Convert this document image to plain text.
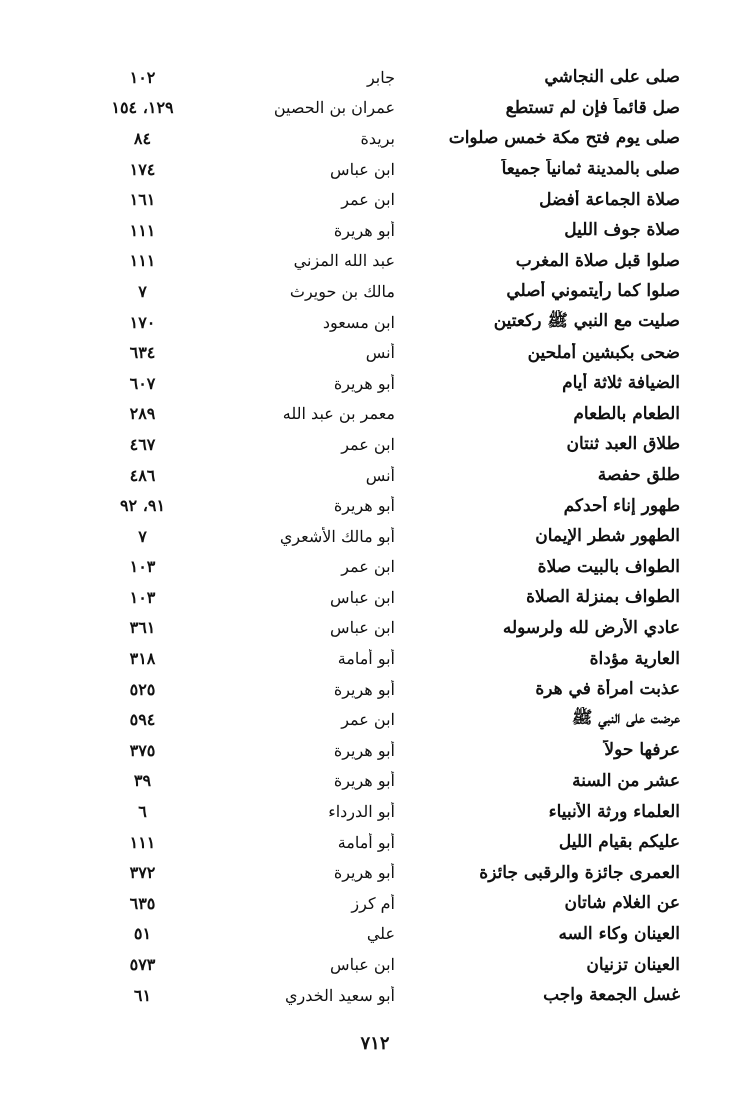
صلى على النجاشي
جابر
١٠٢
صل قائماً فإن لم تستطع
عمران بن الحصين
١٢٩، ١٥٤
صلى يوم فتح مكة خمس صلوات
بريدة
٨٤
صلى بالمدينة ثمانياً جميعاً
ابن عباس
١٧٤
صلاة الجماعة أفضل
ابن عمر
١٦١
صلاة جوف الليل
أبو هريرة
١١١
صلوا قبل صلاة المغرب
عبد الله المزني
١١١
صلوا كما رأيتموني أصلي
مالك بن حويرث
٧
صليت مع النبي ﷺ ركعتين
ابن مسعود
١٧٠
ضحى بكبشين أملحين
أنس
٦٣٤
الضيافة ثلاثة أيام
أبو هريرة
٦٠٧
الطعام بالطعام
معمر بن عبد الله
٢٨٩
طلاق العبد ثنتان
ابن عمر
٤٦٧
طلق حفصة
أنس
٤٨٦
طهور إناء أحدكم
أبو هريرة
٩١، ٩٢
الطهور شطر الإيمان
أبو مالك الأشعري
٧
الطواف بالبيت صلاة
ابن عمر
١٠٣
الطواف بمنزلة الصلاة
ابن عباس
١٠٣
عادي الأرض لله ولرسوله
ابن عباس
٣٦١
العارية مؤداة
أبو أمامة
٣١٨
عذبت امرأة في هرة
أبو هريرة
٥٢٥
عرضت على النبي ﷺ
ابن عمر
٥٩٤
عرفها حولاً
أبو هريرة
٣٧٥
عشر من السنة
أبو هريرة
٣٩
العلماء ورثة الأنبياء
أبو الدرداء
٦
عليكم بقيام الليل
أبو أمامة
١١١
العمرى جائزة والرقبى جائزة
أبو هريرة
٣٧٢
عن الغلام شاتان
أم كرز
٦٣٥
العينان وكاء السه
علي
٥١
العينان تزنيان
ابن عباس
٥٧٣
غسل الجمعة واجب
أبو سعيد الخدري
٦١
٧١٢
